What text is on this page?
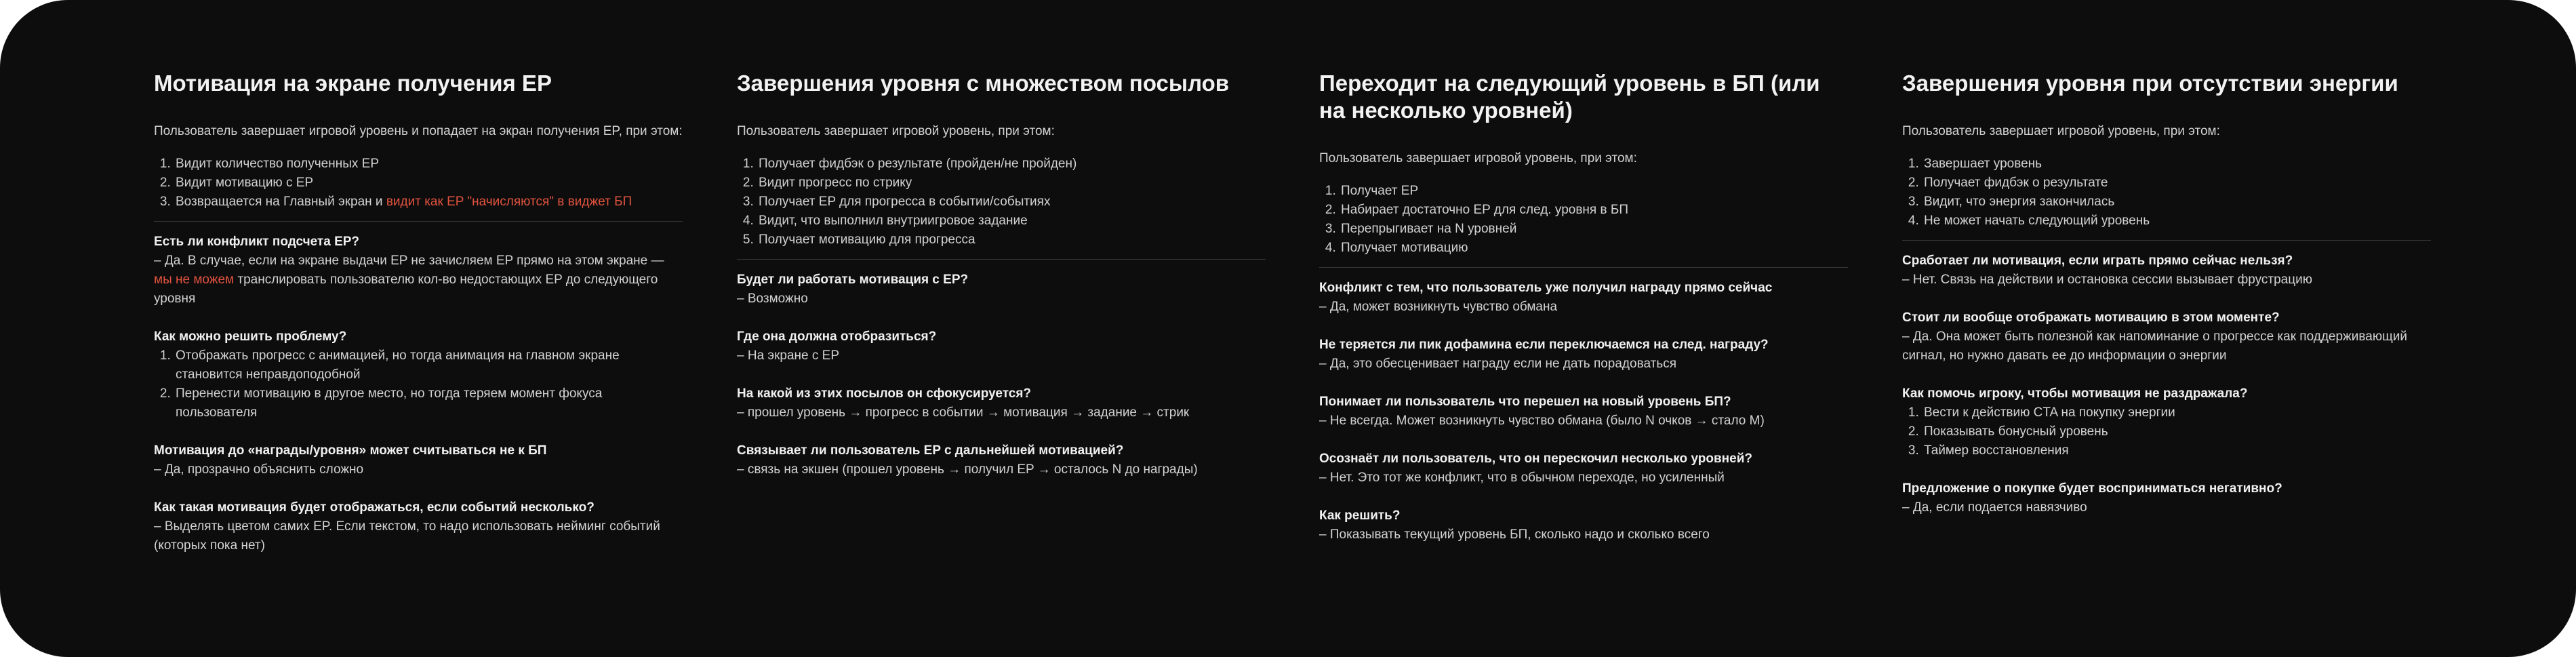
Мотивация на экране получения EP

Пользователь завершает игровой уровень и попадает на экран получения EP, при этом:

1. Видит количество полученных EP
2. Видит мотивацию с EP
3. Возвращается на Главный экран и видит как EP "начисляются" в виджет БП
Есть ли конфликт подсчета EP?
– Да. В случае, если на экране выдачи EP не зачисляем EP прямо на этом экране — мы не можем транслировать пользователю кол-во недостающих EP до следующего уровня
Как можно решить проблему?
1. Отображать прогресс с анимацией, но тогда анимация на главном экране становится неправдоподобной
2. Перенести мотивацию в другое место, но тогда теряем момент фокуса пользователя
Мотивация до «награды/уровня» может считываться не к БП
– Да, прозрачно объяснить сложно
Как такая мотивация будет отображаться, если событий несколько?
– Выделять цветом самих EP. Если текстом, то надо использовать нейминг событий (которых пока нет)
Завершения уровня с множеством посылов

Пользователь завершает игровой уровень, при этом:

1. Получает фидбэк о результате (пройден/не пройден)
2. Видит прогресс по стрику
3. Получает EP для прогресса в событии/событиях
4. Видит, что выполнил внутриигровое задание
5. Получает мотивацию для прогресса
Будет ли работать мотивация с EP?
– Возможно
Где она должна отобразиться?
– На экране с EP
На какой из этих посылов он сфокусируется?
– прошел уровень → прогресс в событии → мотивация → задание → стрик
Связывает ли пользователь EP с дальнейшей мотивацией?
– связь на экшен (прошел уровень → получил EP → осталось N до награды)
Переходит на следующий уровень в БП (или на несколько уровней)

Пользователь завершает игровой уровень, при этом:

1. Получает EP
2. Набирает достаточно EP для след. уровня в БП
3. Перепрыгивает на N уровней
4. Получает мотивацию
Конфликт с тем, что пользователь уже получил награду прямо сейчас
– Да, может возникнуть чувство обмана
Не теряется ли пик дофамина если переключаемся на след. награду?
– Да, это обесценивает награду если не дать порадоваться
Понимает ли пользователь что перешел на новый уровень БП?
– Не всегда. Может возникнуть чувство обмана (было N очков → стало M)
Осознаёт ли пользователь, что он перескочил несколько уровней?
– Нет. Это тот же конфликт, что в обычном переходе, но усиленный
Как решить?
– Показывать текущий уровень БП, сколько надо и сколько всего
Завершения уровня при отсутствии энергии

Пользователь завершает игровой уровень, при этом:

1. Завершает уровень
2. Получает фидбэк о результате
3. Видит, что энергия закончилась
4. Не может начать следующий уровень
Сработает ли мотивация, если играть прямо сейчас нельзя?
– Нет. Связь на действии и остановка сессии вызывает фрустрацию
Стоит ли вообще отображать мотивацию в этом моменте?
– Да. Она может быть полезной как напоминание о прогрессе как поддерживающий сигнал, но нужно давать ее до информации о энергии
Как помочь игроку, чтобы мотивация не раздражала?
1. Вести к действию CTA на покупку энергии
2. Показывать бонусный уровень
3. Таймер восстановления
Предложение о покупке будет восприниматься негативно?
– Да, если подается навязчиво
